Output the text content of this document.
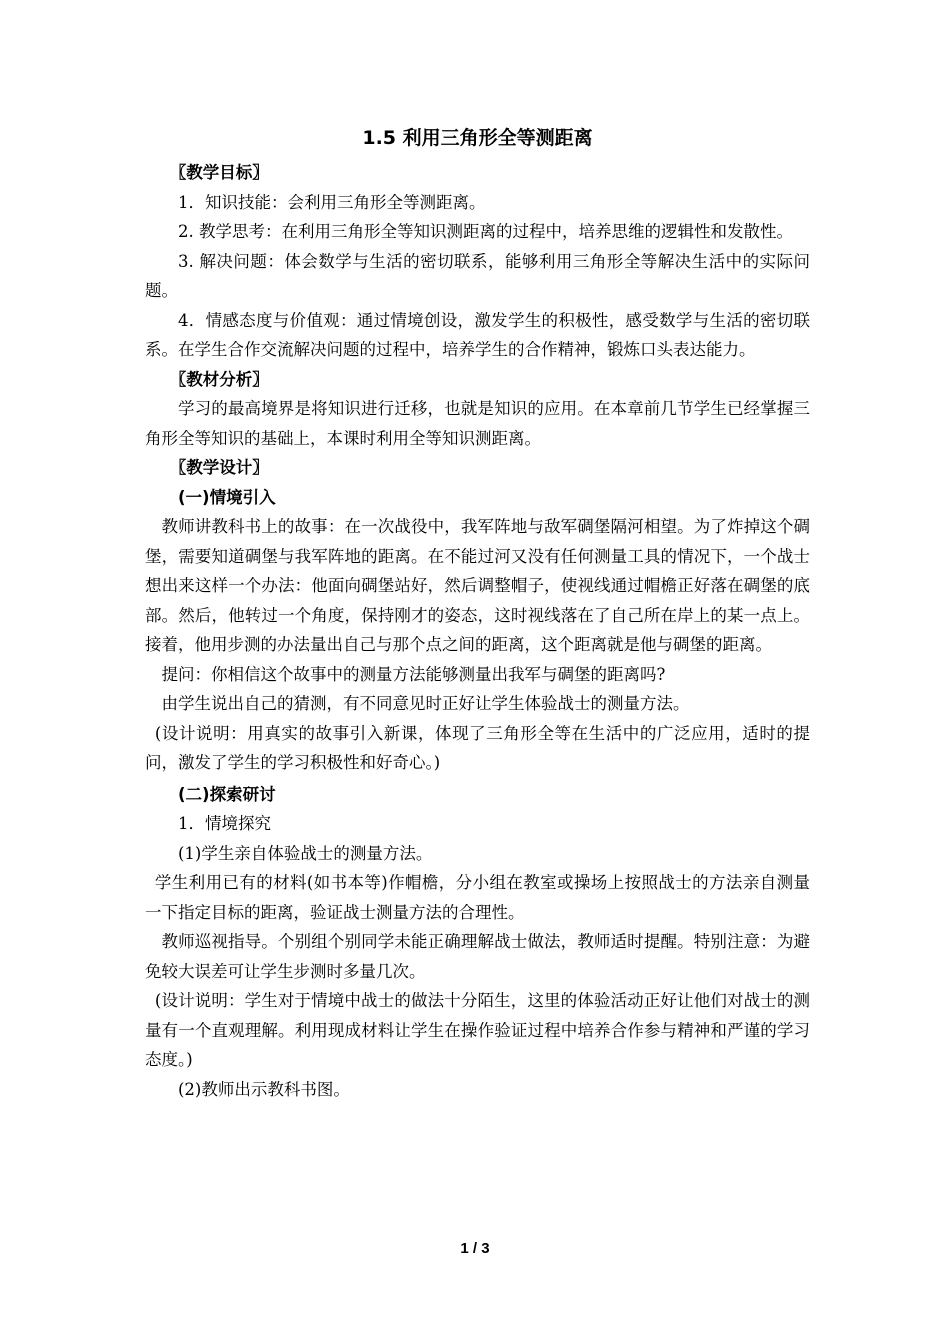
1.5 利用三角形全等测距离

〖教学目标〗

1．知识技能：会利用三角形全等测距离。

2. 教学思考：在利用三角形全等知识测距离的过程中，培养思维的逻辑性和发散性。

3. 解决问题：体会数学与生活的密切联系，能够利用三角形全等解决生活中的实际问题。

4．情感态度与价值观：通过情境创设，激发学生的积极性，感受数学与生活的密切联系。在学生合作交流解决问题的过程中，培养学生的合作精神，锻炼口头表达能力。

〖教材分析〗

学习的最高境界是将知识进行迁移，也就是知识的应用。在本章前几节学生已经掌握三角形全等知识的基础上，本课时利用全等知识测距离。

〖教学设计〗

(一)情境引入

教师讲教科书上的故事：在一次战役中，我军阵地与敌军碉堡隔河相望。为了炸掉这个碉堡，需要知道碉堡与我军阵地的距离。在不能过河又没有任何测量工具的情况下，一个战士想出来这样一个办法：他面向碉堡站好，然后调整帽子，使视线通过帽檐正好落在碉堡的底部。然后，他转过一个角度，保持刚才的姿态，这时视线落在了自己所在岸上的某一点上。接着，他用步测的办法量出自己与那个点之间的距离，这个距离就是他与碉堡的距离。

提问：你相信这个故事中的测量方法能够测量出我军与碉堡的距离吗?

由学生说出自己的猜测，有不同意见时正好让学生体验战士的测量方法。

(设计说明：用真实的故事引入新课，体现了三角形全等在生活中的广泛应用，适时的提问，激发了学生的学习积极性和好奇心。)

(二)探索研讨

1．情境探究

(1)学生亲自体验战士的测量方法。

学生利用已有的材料(如书本等)作帽檐，分小组在教室或操场上按照战士的方法亲自测量一下指定目标的距离，验证战士测量方法的合理性。

教师巡视指导。个别组个别同学未能正确理解战士做法，教师适时提醒。特别注意：为避免较大误差可让学生步测时多量几次。

(设计说明：学生对于情境中战士的做法十分陌生，这里的体验活动正好让他们对战士的测量有一个直观理解。利用现成材料让学生在操作验证过程中培养合作参与精神和严谨的学习态度。)

(2)教师出示教科书图。

1 / 3
